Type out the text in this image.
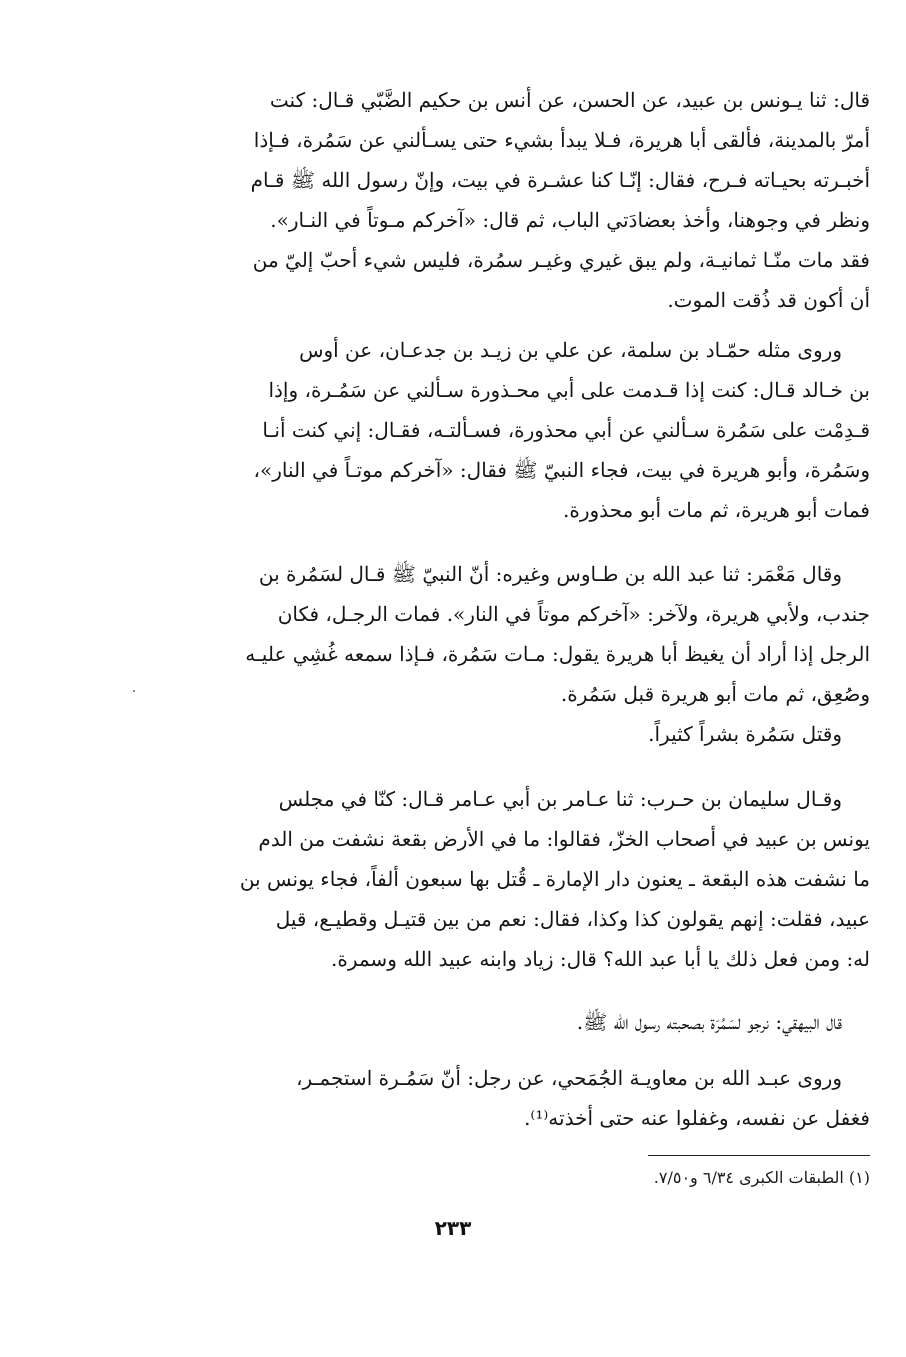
قال: ثنا يـونس بن عبيد، عن الحسن، عن أنس بن حكيم الضَّبّي قـال: كنت
أمرّ بالمدينة، فألقى أبا هريرة، فـلا يبدأ بشيء حتى يسـألني عن سَمُرة، فـإذا
أخبـرته بحيـاته فـرح، فقال: إنّـا كنا عشـرة في بيت، وإنّ رسول الله ﷺ قـام
ونظر في وجوهنا، وأخذ بعضادَتي الباب، ثم قال: «آخركم مـوتاً في النـار».
فقد مات منّـا ثمانيـة، ولم يبق غيري وغيـر سمُرة، فليس شيء أحبّ إليّ من
أن أكون قد ذُقت الموت.
وروى مثله حمّـاد بن سلمة، عن علي بن زيـد بن جدعـان، عن أوس
بن خـالد قـال: كنت إذا قـدمت على أبي محـذورة سـألني عن سَمُـرة، وإذا
قـدِمْت على سَمُرة سـألني عن أبي محذورة، فسـألتـه، فقـال: إني كنت أنـا
وسَمُرة، وأبو هريرة في بيت، فجاء النبيّ ﷺ فقال: «آخركم موتـاً في النار»،
فمات أبو هريرة، ثم مات أبو محذورة.
وقال مَعْمَر: ثنا عبد الله بن طـاوس وغيره: أنّ النبيّ ﷺ قـال لسَمُرة بن
جندب، ولأبي هريرة، ولآخر: «آخركم موتاً في النار». فمات الرجـل، فكان
الرجل إذا أراد أن يغيظ أبا هريرة يقول: مـات سَمُرة، فـإذا سمعه غُشِي عليـه
وصُعِق، ثم مات أبو هريرة قبل سَمُرة.
وقتل سَمُرة بشراً كثيراً.
وقـال سليمان بن حـرب: ثنا عـامر بن أبي عـامر قـال: كنّا في مجلس
يونس بن عبيد في أصحاب الخزّ، فقالوا: ما في الأرض بقعة نشفت من الدم
ما نشفت هذه البقعة ـ يعنون دار الإمارة ـ قُتل بها سبعون ألفاً، فجاء يونس بن
عبيد، فقلت: إنهم يقولون كذا وكذا، فقال: نعم من بين قتيـل وقطيـع، قيل
له: ومن فعل ذلك يا أبا عبد الله؟ قال: زياد وابنه عبيد الله وسمرة.
قال البيهقي: نرجو لسَمُرَة بصحبته رسول الله ﷺ.
وروى عبـد الله بن معاويـة الجُمَحي، عن رجل: أنّ سَمُـرة استجمـر،
فغفل عن نفسه، وغفلوا عنه حتى أخذته⁽¹⁾.
(١) الطبقات الكبرى ٦/٣٤ و٧/٥٠.
٢٣٣
